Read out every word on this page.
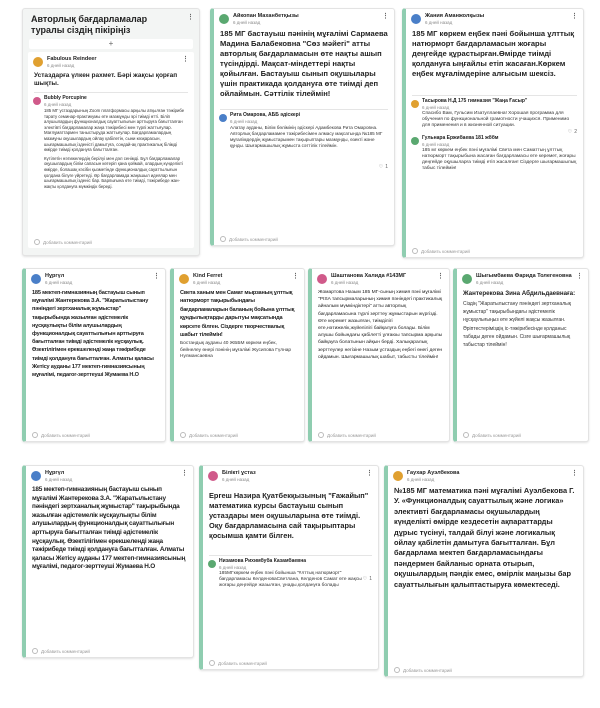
Авторлық бағдарламалар туралы сіздің пікіріңіз
⋮
+
Fabulous Reindeer
6 дней назад
⋮
Устаздарға үлкен рахмет. Бәрі жақсы қорғап шықты.
Bubbly Porcupine
6 дней назад
185 МГ устаздарының Zoom платформасы арқылы атқылған тәжірибе тарату семинар-практикумы өте мазмұнды әрі тиімді өтті. Біліп алушылардың функционалдық сауаттылығын арттыруға бағытталған электівті бағдарламалар жаңа тәжірибесі мен түрлі жаттығулар. Мағлұматтармен таныстыруда жаттығулар. Бағдарламалардың мазмұны оқушылардың ойлау қабілетін, сыни көзқарасын, шығармашылық ізденісті дамытуға, сондай-ақ практикалық білімді өмірде тиімді қолдануға бағытталған.
Күтілетін нәтижелердің берілуі мен дәл сенімді. Бұл бағдарламалар оқушылардың білім сапасын көтеріп қана қоймай, олардың күнделікті өмірде, болашақ кәсіби қызметінде функционалдық сауаттылығын қолдана білуге үйретеді. Әр бағдарламада жаңашыл идеялар мен шығармашылық ізденіс бар. Барлығына өте тиімді, тәжірибеде жан-жақты қолдануға мүмкіндік береді.
Добавить комментарий
Нұргүл
6 дней назад
⋮
185 мектеп-гимназияның бастауыш сынып мұғалімі Жантерекова З.А. "Жаратылыстану пәніндегі зертханалық жұмыстар" тақырыбында жазылған әдістемелік нұсқаулықты білім алушылардың функционалдық сауаттылығын арттыруға бағытталған тиімді әдістемелік нұсқаулық. Өзектілігімен ерекшеленді жаңа тәжірибеде тиімді қолдануға бағытталған. Алматы қаласы Жетісу ауданы 177 мектеп-гимназиясының мұғалімі, педагог-зерттеуші Жумаева Н.О
Добавить комментарий
Нұргүл
6 дней назад
⋮
185 мектеп-гимназияның бастауыш сынып мұғалімі Жантерекова З.А. "Жаратылыстану пәніндегі зертханалық жұмыстар" тақырыбында жазылған әдістемелік нұсқаулықты білім алушылардың функционалдық сауаттылығын арттыруға бағытталған тиімді әдістемелік нұсқаулық. Өзектілігімен ерекшеленді жаңа тәжірибеде тиімді қолдануға бағытталған. Алматы қаласы Жетісу ауданы 177 мектеп-гимназиясының мұғалімі, педагог-зерттеуші Жумаева Н.О
Добавить комментарий
Айкопан Маханбетқызы
6 дней назад
⋮
185 МГ бастауыш пәнінің мұғалімі Сармаева Мадина Балабековна "Сөз мәйегі" атты авторлық бағдарламасын өте нақты ашып түсіндірді. Мақсат-міндеттері нақты қойылған. Бастауыш сынып оқушылары үшін практикада қолдануға өте тиімді деп ойлаймын. Сәттілік тілеймін!
♡ 1
Рита Омарова, АББ әдіскері
6 дней назад
Алатау ауданы, Білім бөлімінің әдіскері Адамбекова Рита Омаровна. Авторлық бағдарламамен тәжірибесімен алмасу мақсатында №185 МГ мұғалімдердің жұмыстарымен тақырыптары мазмұнды, өзекті және құнды. Шығармашылық жұмыста сәттілік тілеймін.
Добавить комментарий
Kind Ferret
6 дней назад
⋮
Света ханым мен Самат мырзаның ұлттық натюрморт тақырыбындағы бағдарламаларын баланың бойына ұлттық құндылықтарды дарытуы мақсатында көрсете білген. Сіздерге творчествалық шабыт тілеймін!
Бостандық ауданы 40 ЖББМ көркем еңбек, бейнелеу өнері пәнінің мұғалімі Жусипова Гүлнар Нулмансаевна
Добавить комментарий
Білікті ұстаз
6 дней назад
⋮
Ергеш Назира Қуатбекқызының "Ғажайып" математика курсы бастауыш сынып устаздары мен оқушыларына өте тиімді. Оқу бағдарламасына сай тақырыптары қосымша қамти білген.
♡ 1
Низамова Рихимбуба Казамбаевна
6 дней назад
185МГкөркем еңбек пәні бойынша "Ұлттық натюрморт" бағдарламасы КелденоваСветлана, Келденов Самат өте жақсы жоғары деңгейде жазылған, ұнады,қолдануға болады
Добавить комментарий
Жания Аманжолқызы
6 дней назад
⋮
185 МГ көркем еңбек пәні бойынша ұлттық натюрморт бағдарламасын жоғары деңгейде құрастырған.Өмірде тиімді қолдануға ыңғайлы етіп жасаған.Көркем еңбек мұғалімдеріне алғысым шексіз.
♡ 2
Тасырова Н.Д 175 гимназия "Жаңа Ғасыр"
6 дней назад
Спасибо Вам, Гульсим Изатуллаевна! Хорошая программа для обучения по функциональной грамотности учащихся. Применимо для применения и в жизненной ситуации.
Гульнара Ержибаева 181 жббм
6 дней назад
185 мг көркем еңбек пәні мұғалімі Света мен Саматтың ұлттық натюрморт тақырыбына жасаған бағдарламасы өте керемет, жоғары деңгейде оқушыларға тиімді етіп жасалған! Сіздерге шығармашылық табыс тілеймін!
Добавить комментарий
Шаштанова Халида #143МГ
6 дней назад
⋮
Жомартова Назым 185 МГ-сының химия пәні мұғалімі "PISA тапсырмаларының химия пәніндегі практикалық айналым мүмкіндіктері" атты авторлық бағдарламасына түрлі зерттеу жұмыстарын жүргізді. Өте керемет жазылған, тиімділігі өте,нәтижелік,жүйелілігі байқалуға болады. Білім алушы бойындағы қабілетті ұлғаюы тапсырма арқылы байқауға болатынын айқын берді. Халықаралық зерттеулер негізіне Назым ұстаздың еңбегі өнегі деген ойдамын. Шығармашылық шабыт, табысты тілеймін!
Добавить комментарий
Шыгымбаева Фарида Толегеновна
6 дней назад
⋮
Жантерекова Зина Абдильдаевнаға:
Сіздің "Жаратылыстану пәніндегі зертханалық жұмыстар" тақырыбындағы әдістемелік нұсқаулығыңыз өте жүйелі жақсы жазылған. Әріптестеріміздің іс-тәжірибесінде қолданыс табады деген ойдамын. Сізге шығармашылық табыстар тілеймін!
Добавить комментарий
Гаухар Ауэлбекова
6 дней назад
⋮
№185 МГ математика пәні мұғалімі Ауэлбекова Г. У. «Функционалдық сауаттылық және логика» элективті бағдарламасы оқушылардың күнделікті өмірде кездесетін ақпараттарды дұрыс түсінуі, талдай білуі және логикалық ойлау қабілетін дамытуға бағытталған. Бұл бағдарлама мектеп бағдарламасындағы пәндермен байланыс орната отырып, оқушылардың пәндік емес, өмірлік маңызы бар сауаттылығын қалыптастыруға көмектеседі.
Добавить комментарий
